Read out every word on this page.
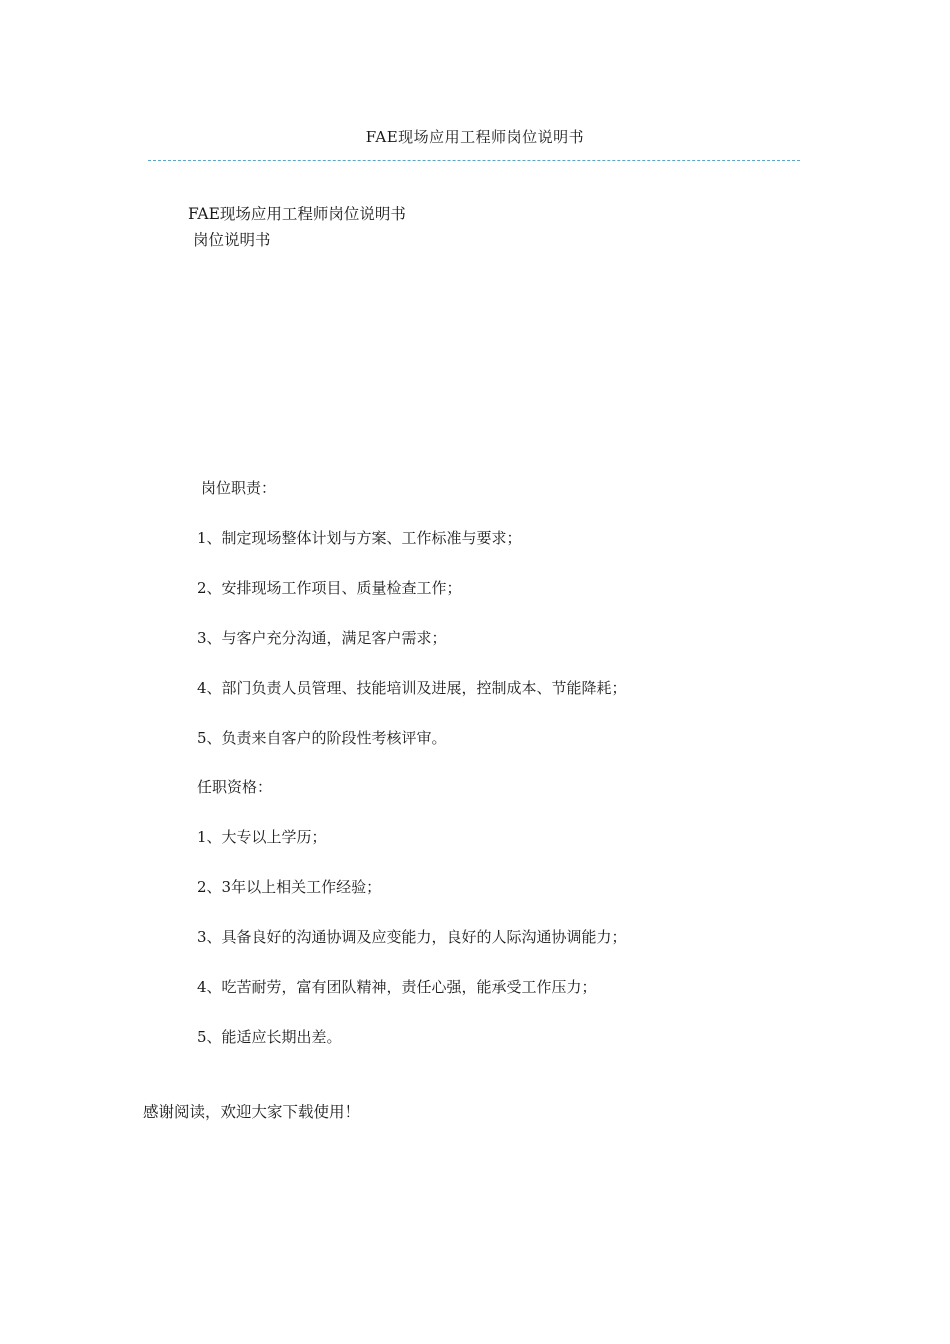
FAE现场应用工程师岗位说明书
FAE现场应用工程师岗位说明书
岗位说明书
岗位职责：
1、制定现场整体计划与方案、工作标准与要求；
2、安排现场工作项目、质量检查工作；
3、与客户充分沟通，满足客户需求；
4、部门负责人员管理、技能培训及进展，控制成本、节能降耗；
5、负责来自客户的阶段性考核评审。
任职资格：
1、大专以上学历；
2、3年以上相关工作经验；
3、具备良好的沟通协调及应变能力，良好的人际沟通协调能力；
4、吃苦耐劳，富有团队精神，责任心强，能承受工作压力；
5、能适应长期出差。
感谢阅读，欢迎大家下载使用！
